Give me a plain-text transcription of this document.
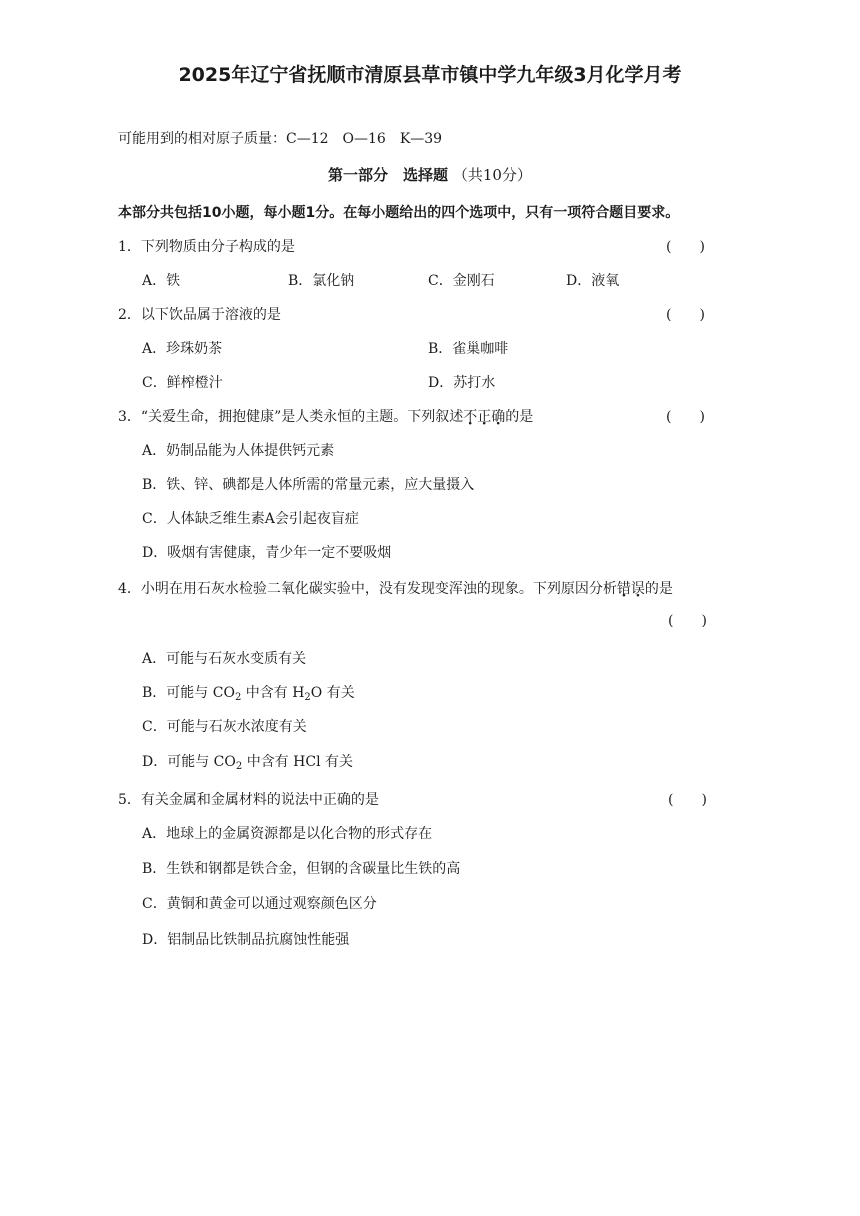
2025年辽宁省抚顺市清原县草市镇中学九年级3月化学月考
可能用到的相对原子质量：C—12　O—16　K—39
第一部分　选择题 （共10分）
本部分共包括10小题，每小题1分。在每小题给出的四个选项中，只有一项符合题目要求。
1．下列物质由分子构成的是	(　　)
A．铁	B．氯化钠	C．金刚石	D．液氧
2．以下饮品属于溶液的是	(　　)
A．珍珠奶茶	B．雀巢咖啡
C．鲜榨橙汁	D．苏打水
3．“关爱生命，拥抱健康”是人类永恒的主题。下列叙述不正确的是	(　　)
A．奶制品能为人体提供钙元素
B．铁、锌、碘都是人体所需的常量元素，应大量摄入
C．人体缺乏维生素A会引起夜盲症
D．吸烟有害健康，青少年一定不要吸烟
4．小明在用石灰水检验二氧化碳实验中，没有发现变浑浊的现象。下列原因分析错误的是
(　　)
A．可能与石灰水变质有关
B．可能与 $CO_2$ 中含有 $H_2O$ 有关
C．可能与石灰水浓度有关
D．可能与 $CO_2$ 中含有 HCl 有关
5．有关金属和金属材料的说法中正确的是	(　　)
A．地球上的金属资源都是以化合物的形式存在
B．生铁和钢都是铁合金，但钢的含碳量比生铁的高
C．黄铜和黄金可以通过观察颜色区分
D．铝制品比铁制品抗腐蚀性能强
